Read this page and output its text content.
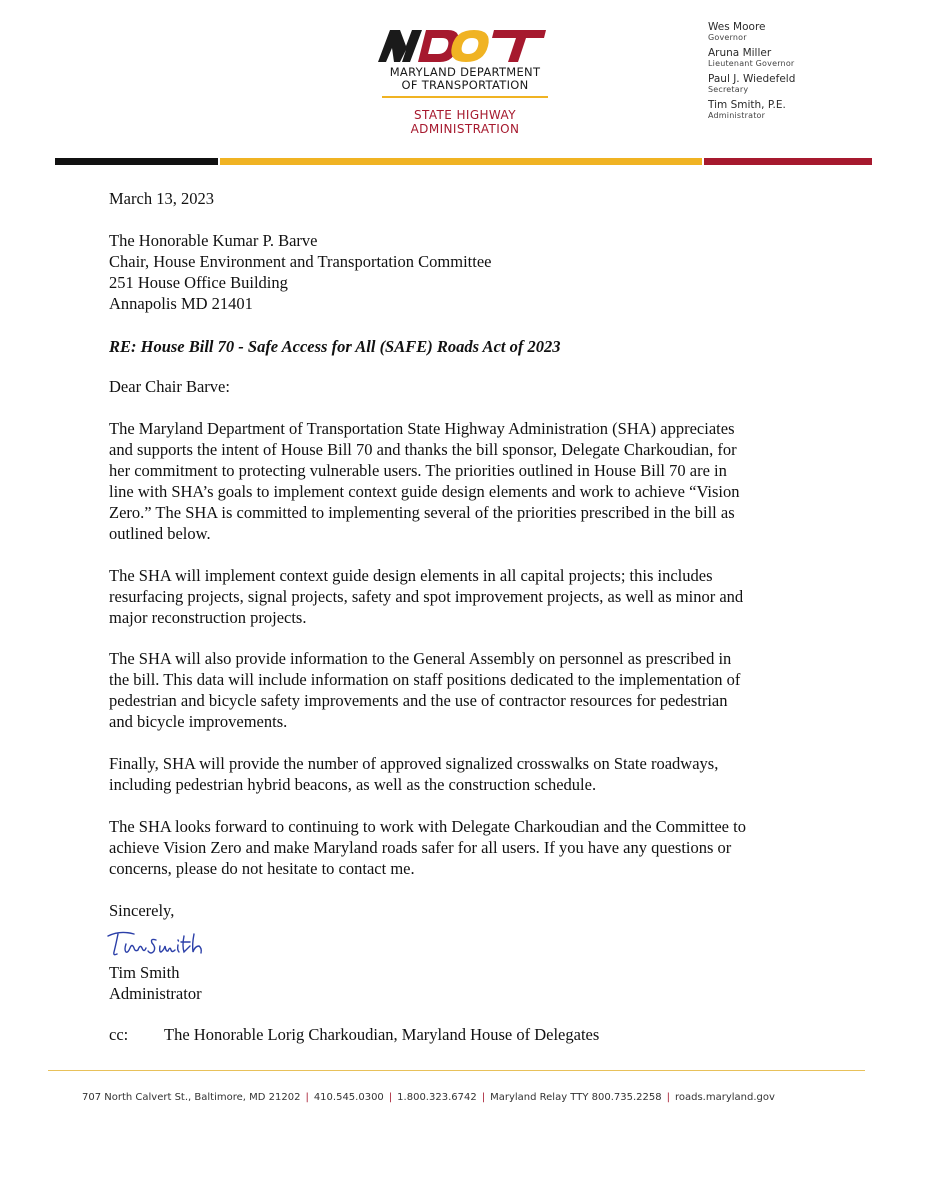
MARYLAND DEPARTMENT
OF TRANSPORTATION
STATE HIGHWAY
ADMINISTRATION
Wes Moore
Governor
Aruna Miller
Lieutenant Governor
Paul J. Wiedefeld
Secretary
Tim Smith, P.E.
Administrator
March 13, 2023
The Honorable Kumar P. Barve
Chair, House Environment and Transportation Committee
251 House Office Building
Annapolis MD 21401
RE: House Bill 70 - Safe Access for All (SAFE) Roads Act of 2023
Dear Chair Barve:
The Maryland Department of Transportation State Highway Administration (SHA) appreciates
and supports the intent of House Bill 70 and thanks the bill sponsor, Delegate Charkoudian, for
her commitment to protecting vulnerable users. The priorities outlined in House Bill 70 are in
line with SHA’s goals to implement context guide design elements and work to achieve “Vision
Zero.” The SHA is committed to implementing several of the priorities prescribed in the bill as
outlined below.
The SHA will implement context guide design elements in all capital projects; this includes
resurfacing projects, signal projects, safety and spot improvement projects, as well as minor and
major reconstruction projects.
The SHA will also provide information to the General Assembly on personnel as prescribed in
the bill. This data will include information on staff positions dedicated to the implementation of
pedestrian and bicycle safety improvements and the use of contractor resources for pedestrian
and bicycle improvements.
Finally, SHA will provide the number of approved signalized crosswalks on State roadways,
including pedestrian hybrid beacons, as well as the construction schedule.
The SHA looks forward to continuing to work with Delegate Charkoudian and the Committee to
achieve Vision Zero and make Maryland roads safer for all users. If you have any questions or
concerns, please do not hesitate to contact me.
Sincerely,
Tim Smith
Administrator
cc: The Honorable Lorig Charkoudian, Maryland House of Delegates
707 North Calvert St., Baltimore, MD 21202 | 410.545.0300 | 1.800.323.6742 | Maryland Relay TTY 800.735.2258 | roads.maryland.gov
